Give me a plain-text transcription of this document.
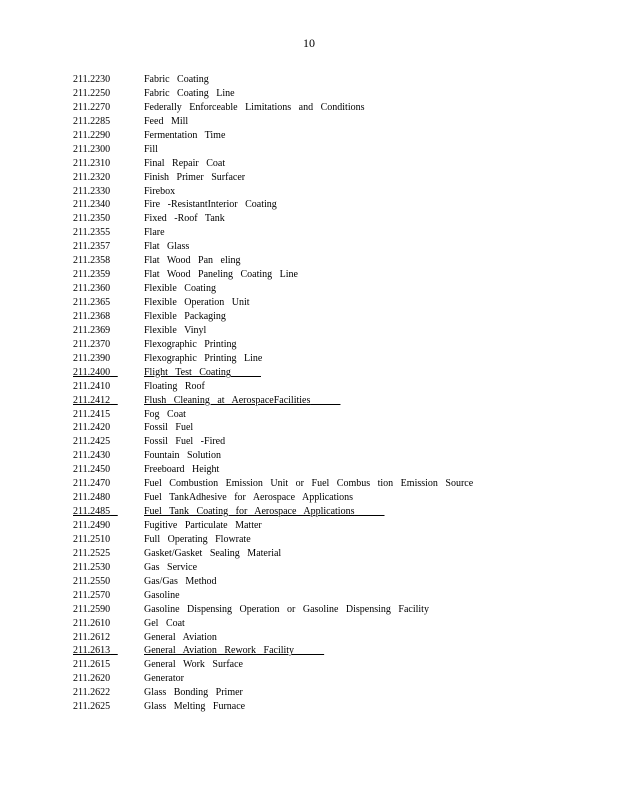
10
211.2230	Fabric Coating
211.2250	Fabric Coating Line
211.2270	Federally Enforceable Limitations and Conditions
211.2285	Feed Mill
211.2290	Fermentation Time
211.2300	Fill
211.2310	Final Repair Coat
211.2320	Finish Primer Surfacer
211.2330	Firebox
211.2340	Fire -ResistantInterior Coating
211.2350	Fixed -Roof Tank
211.2355	Flare
211.2357	Flat Glass
211.2358	Flat Wood Pan eling
211.2359	Flat Wood Paneling Coating Line
211.2360	Flexible Coating
211.2365	Flexible Operation Unit
211.2368	Flexible Packaging
211.2369	Flexible Vinyl
211.2370	Flexographic Printing
211.2390	Flexographic Printing Line
211.2400	Flight Test Coating
211.2410	Floating Roof
211.2412	Flush Cleaning at AerospaceFacilities
211.2415	Fog Coat
211.2420	Fossil Fuel
211.2425	Fossil Fuel -Fired
211.2430	Fountain Solution
211.2450	Freeboard Height
211.2470	Fuel Combustion Emission Unit or Fuel Combus tion Emission Source
211.2480	Fuel TankAdhesive for Aerospace Applications
211.2485	Fuel Tank Coating for Aerospace Applications
211.2490	Fugitive Particulate Matter
211.2510	Full Operating Flowrate
211.2525	Gasket/Gasket Sealing Material
211.2530	Gas Service
211.2550	Gas/Gas Method
211.2570	Gasoline
211.2590	Gasoline Dispensing Operation or Gasoline Dispensing Facility
211.2610	Gel Coat
211.2612	General Aviation
211.2613	General Aviation Rework Facility
211.2615	General Work Surface
211.2620	Generator
211.2622	Glass Bonding Primer
211.2625	Glass Melting Furnace
